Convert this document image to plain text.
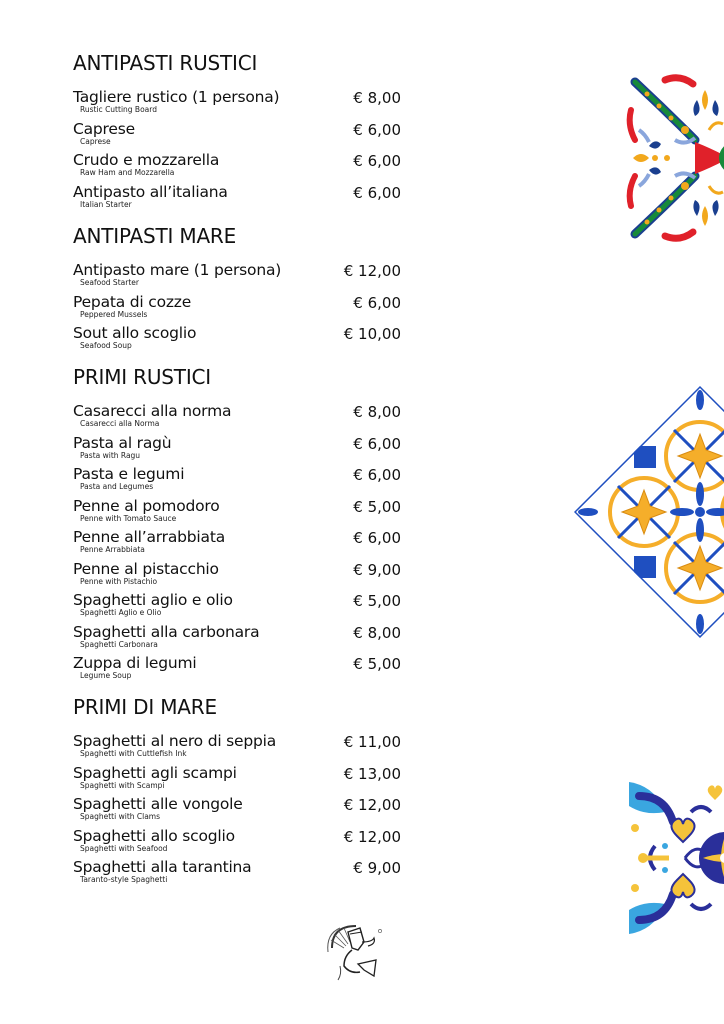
ANTIPASTI RUSTICI
Tagliere rustico (1 persona)	€ 8,00
Rustic Cutting Board
Caprese	€ 6,00
Caprese
Crudo e mozzarella	€ 6,00
Raw Ham and Mozzarella
Antipasto all’italiana	€ 6,00
Italian Starter
ANTIPASTI MARE
Antipasto mare (1 persona)	€ 12,00
Seafood Starter
Pepata di cozze	€ 6,00
Peppered Mussels
Sout allo scoglio	€ 10,00
Seafood Soup
PRIMI RUSTICI
Casarecci alla norma	€ 8,00
Casarecci alla Norma
Pasta al ragù	€ 6,00
Pasta with Ragu
Pasta e legumi	€ 6,00
Pasta and Legumes
Penne al pomodoro	€ 5,00
Penne with Tomato Sauce
Penne all’arrabbiata	€ 6,00
Penne Arrabbiata
Penne al pistacchio	€ 9,00
Penne with Pistachio
Spaghetti aglio e olio	€ 5,00
Spaghetti Aglio e Olio
Spaghetti alla carbonara	€ 8,00
Spaghetti Carbonara
Zuppa di legumi	€ 5,00
Legume Soup
PRIMI DI MARE
Spaghetti al nero di seppia	€ 11,00
Spaghetti with Cuttlefish Ink
Spaghetti agli scampi	€ 13,00
Spaghetti with Scampi
Spaghetti alle vongole	€ 12,00
Spaghetti with Clams
Spaghetti allo scoglio	€ 12,00
Spaghetti with Seafood
Spaghetti alla tarantina	€ 9,00
Taranto-style Spaghetti
